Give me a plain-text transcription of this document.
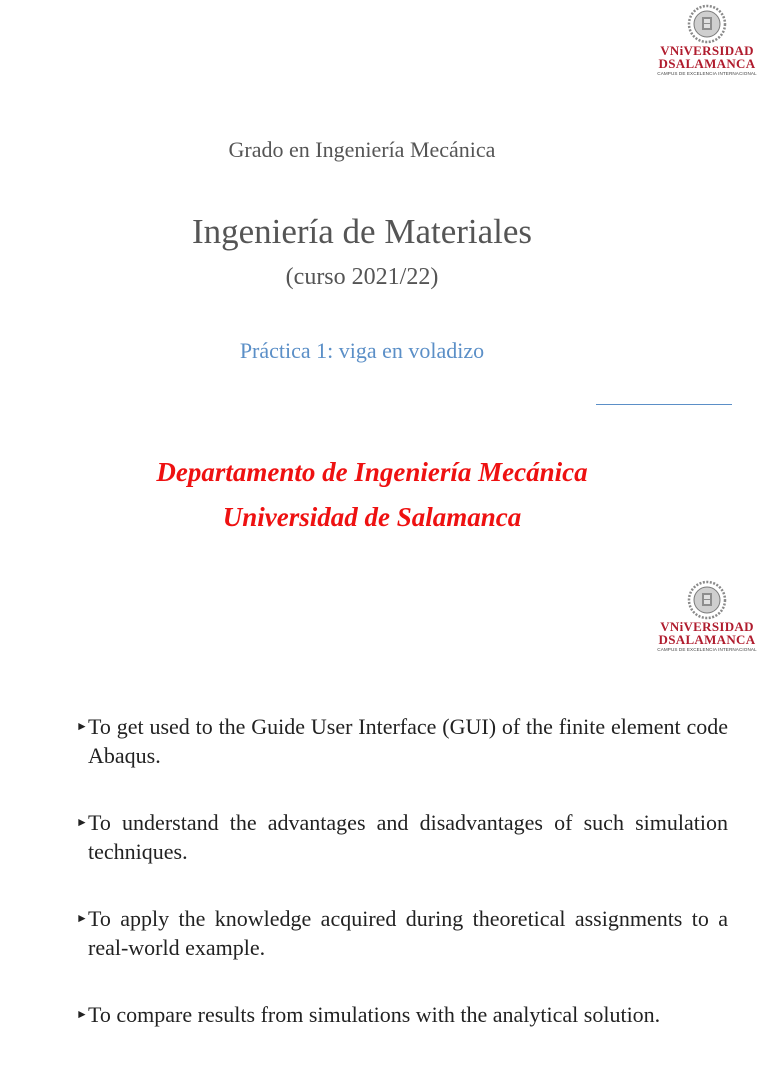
VNiVERSIDAD
DSALAMANCA
CAMPUS DE EXCELENCIA INTERNACIONAL
Grado en Ingeniería Mecánica
Ingeniería de Materiales
(curso 2021/22)
Práctica 1: viga en voladizo
Departamento de Ingeniería Mecánica
Universidad de Salamanca
VNiVERSIDAD
DSALAMANCA
CAMPUS DE EXCELENCIA INTERNACIONAL
► To get used to the Guide User Interface (GUI) of the finite element code Abaqus.
► To understand the advantages and disadvantages of such simulation techniques.
► To apply the knowledge acquired during theoretical assignments to a real-world example.
► To compare results from simulations with the analytical solution.
